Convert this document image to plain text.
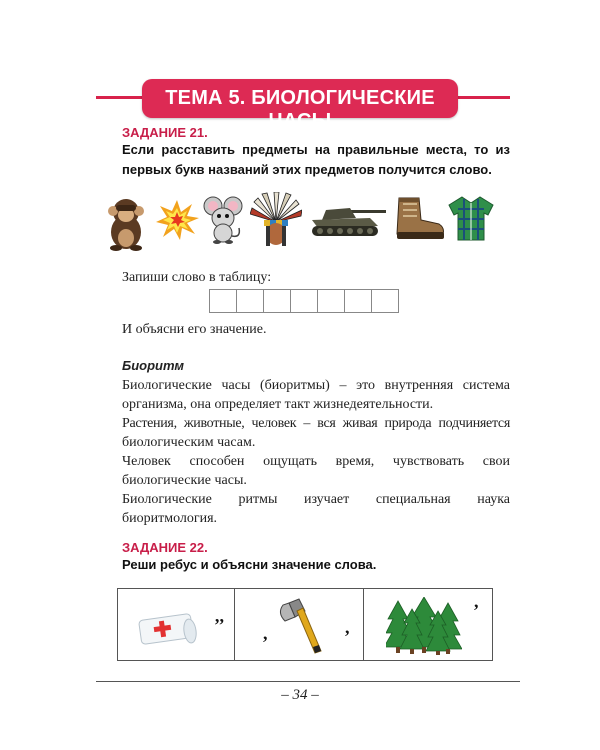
ТЕМА 5. БИОЛОГИЧЕСКИЕ ЧАСЫ
ЗАДАНИЕ 21.
Если расставить предметы на правильные места, то из
первых букв названий этих предметов получится слово.
Запиши слово в таблицу:
И объясни его значение.
Биоритм
Биологические часы (биоритмы) – это внутренняя система
организма, она определяет такт жизнедеятельности.
Растения, животные, человек – вся живая природа подчиняется
биологическим часам.
Человек способен ощущать время, чувствовать свои
биологические часы.
Биологические ритмы изучает специальная наука
биоритмология.
ЗАДАНИЕ 22.
Реши ребус и объясни значение слова.
’’ ,	,
,
– 34 –
